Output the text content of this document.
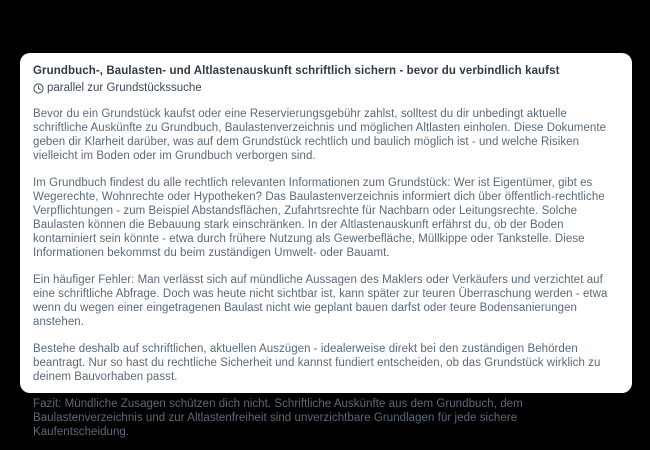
Grundbuch-, Baulasten- und Altlastenauskunft schriftlich sichern - bevor du verbindlich kaufst
parallel zur Grundstückssuche

Bevor du ein Grundstück kaufst oder eine Reservierungsgebühr zahlst, solltest du dir unbedingt aktuelle schriftliche Auskünfte zu Grundbuch, Baulastenverzeichnis und möglichen Altlasten einholen. Diese Dokumente geben dir Klarheit darüber, was auf dem Grundstück rechtlich und baulich möglich ist - und welche Risiken vielleicht im Boden oder im Grundbuch verborgen sind.

Im Grundbuch findest du alle rechtlich relevanten Informationen zum Grundstück: Wer ist Eigentümer, gibt es Wegerechte, Wohnrechte oder Hypotheken? Das Baulastenverzeichnis informiert dich über öffentlich-rechtliche Verpflichtungen - zum Beispiel Abstandsflächen, Zufahrtsrechte für Nachbarn oder Leitungsrechte. Solche Baulasten können die Bebauung stark einschränken. In der Altlastenauskunft erfährst du, ob der Boden kontaminiert sein könnte - etwa durch frühere Nutzung als Gewerbefläche, Müllkippe oder Tankstelle. Diese Informationen bekommst du beim zuständigen Umwelt- oder Bauamt.

Ein häufiger Fehler: Man verlässt sich auf mündliche Aussagen des Maklers oder Verkäufers und verzichtet auf eine schriftliche Abfrage. Doch was heute nicht sichtbar ist, kann später zur teuren Überraschung werden - etwa wenn du wegen einer eingetragenen Baulast nicht wie geplant bauen darfst oder teure Bodensanierungen anstehen.

Bestehe deshalb auf schriftlichen, aktuellen Auszügen - idealerweise direkt bei den zuständigen Behörden beantragt. Nur so hast du rechtliche Sicherheit und kannst fundiert entscheiden, ob das Grundstück wirklich zu deinem Bauvorhaben passt.

Fazit: Mündliche Zusagen schützen dich nicht. Schriftliche Auskünfte aus dem Grundbuch, dem Baulastenverzeichnis und zur Altlastenfreiheit sind unverzichtbare Grundlagen für jede sichere Kaufentscheidung.
